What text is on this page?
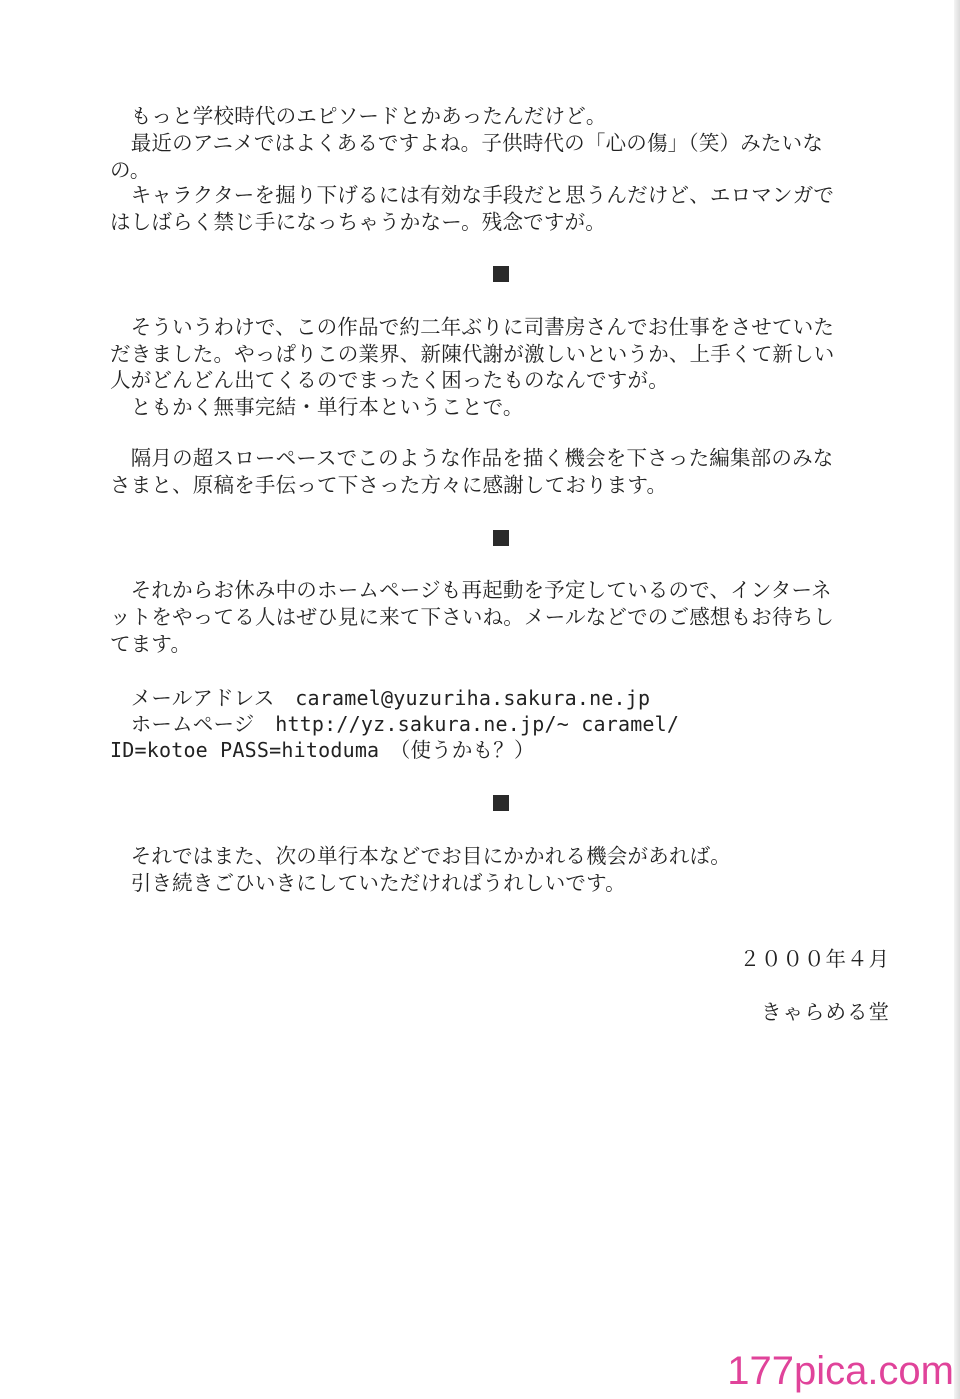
　もっと学校時代のエピソードとかあったんだけど。
　最近のアニメではよくあるですよね。子供時代の「心の傷」（笑）みたいな
の。
　キャラクターを掘り下げるには有効な手段だと思うんだけど、エロマンガで
はしばらく禁じ手になっちゃうかなー。残念ですが。
　そういうわけで、この作品で約二年ぶりに司書房さんでお仕事をさせていた
だきました。やっぱりこの業界、新陳代謝が激しいというか、上手くて新しい
人がどんどん出てくるのでまったく困ったものなんですが。
　ともかく無事完結・単行本ということで。
　隔月の超スローペースでこのような作品を描く機会を下さった編集部のみな
さまと、原稿を手伝って下さった方々に感謝しております。
　それからお休み中のホームページも再起動を予定しているので、インターネ
ットをやってる人はぜひ見に来て下さいね。メールなどでのご感想もお待ちし
てます。
　メールアドレス　caramel@yuzuriha.sakura.ne.jp
　ホームページ　http://yz.sakura.ne.jp/~ caramel/
ID=kotoe PASS=hitoduma　（使うかも？）
　それではまた、次の単行本などでお目にかかれる機会があれば。
　引き続きごひいきにしていただければうれしいです。
２０００年４月
きゃらめる堂
177pica.com
